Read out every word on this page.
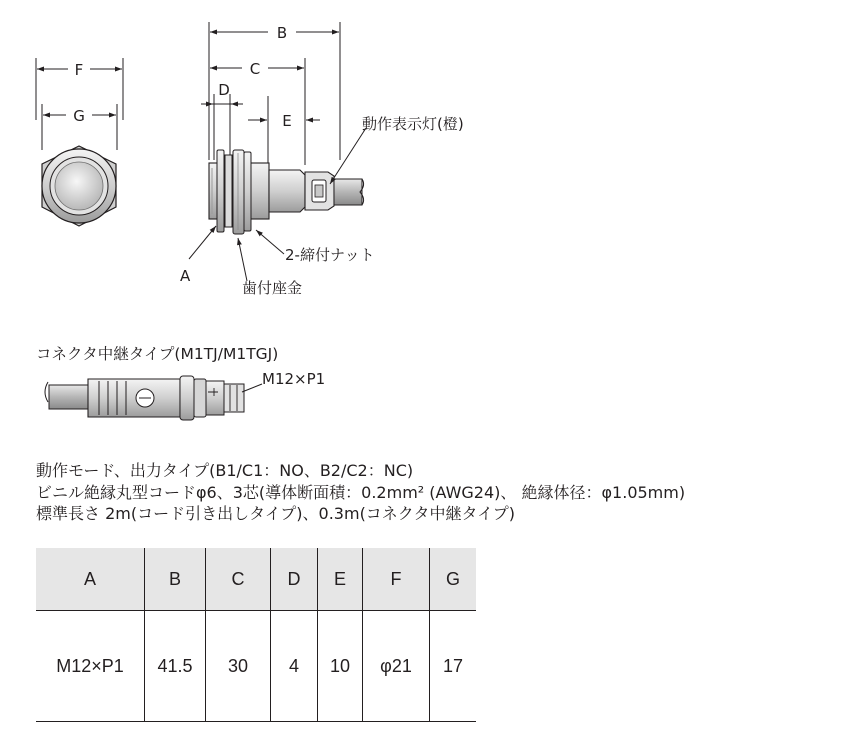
F
G
B
C
D
E	動作表示灯(橙)
2-締付ナット
歯付座金
A
M12×P1
コネクタ中継タイプ(M1TJ/M1TGJ)
動作モード、出力タイプ(B1/C1：NO、B2/C2：NC)
ビニル絶縁丸型コードφ6、3芯(導体断面積：0.2mm² (AWG24)、 絶縁体径：φ1.05mm)
標準長さ 2m(コード引き出しタイプ)、0.3m(コネクタ中継タイプ)
A	B	C	D	E	F	G
M12×P1	41.5	30	4	10	φ21	17
